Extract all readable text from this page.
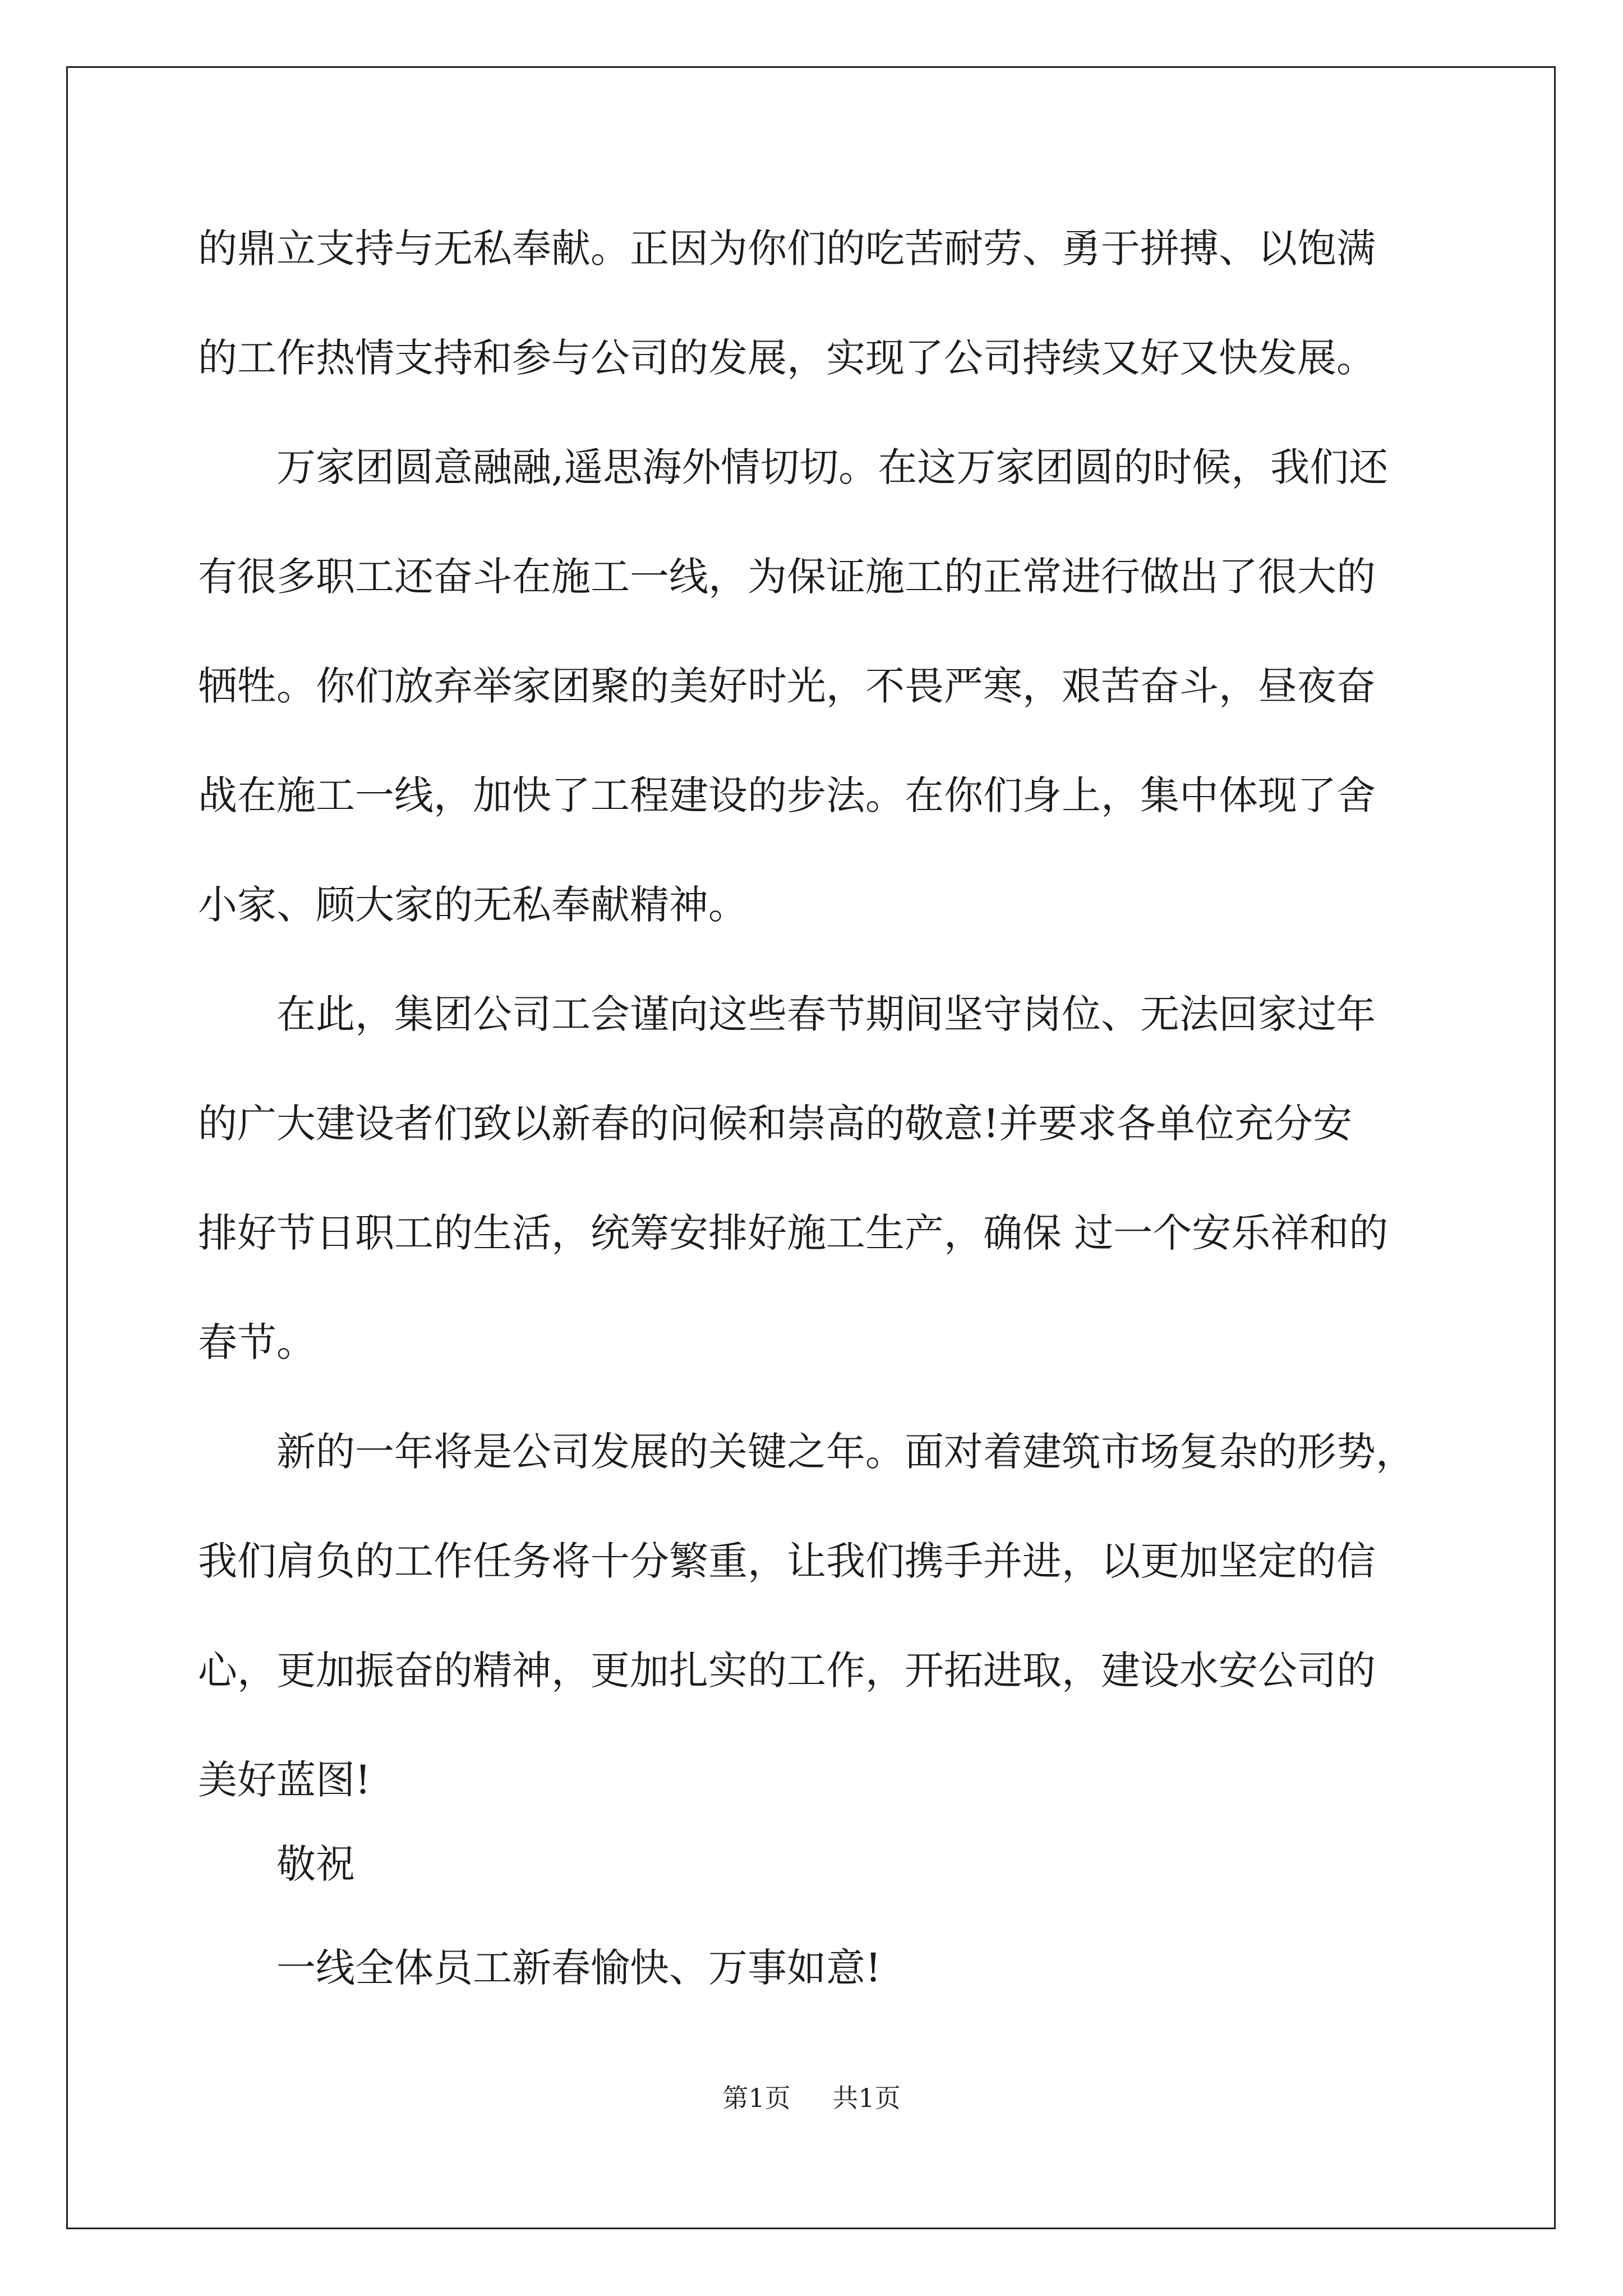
的鼎立支持与无私奉献。正因为你们的吃苦耐劳、勇于拼搏、以饱满
的工作热情支持和参与公司的发展，实现了公司持续又好又快发展。
万家团圆意融融,遥思海外情切切。在这万家团圆的时候，我们还
有很多职工还奋斗在施工一线，为保证施工的正常进行做出了很大的
牺牲。你们放弃举家团聚的美好时光，不畏严寒，艰苦奋斗，昼夜奋
战在施工一线，加快了工程建设的步法。在你们身上，集中体现了舍
小家、顾大家的无私奉献精神。
在此，集团公司工会谨向这些春节期间坚守岗位、无法回家过年
的广大建设者们致以新春的问候和崇高的敬意!并要求各单位充分安
排好节日职工的生活，统筹安排好施工生产，确保 过一个安乐祥和的
春节。
新的一年将是公司发展的关键之年。面对着建筑市场复杂的形势，
我们肩负的工作任务将十分繁重，让我们携手并进，以更加坚定的信
心，更加振奋的精神，更加扎实的工作，开拓进取，建设水安公司的
美好蓝图!
敬祝
一线全体员工新春愉快、万事如意!
第1页 共1页
